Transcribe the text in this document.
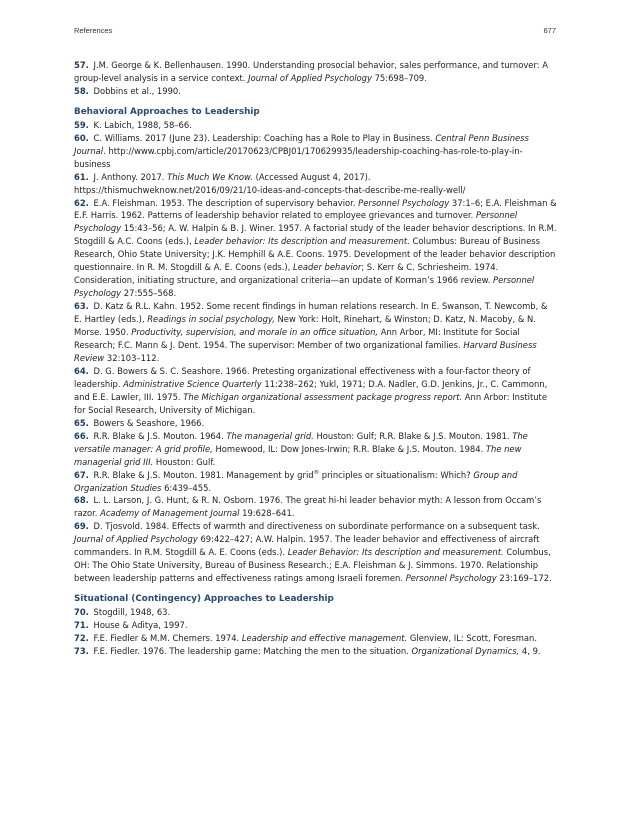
References	677

57. J.M. George & K. Bellenhausen. 1990. Understanding prosocial behavior, sales performance, and turnover: A group-level analysis in a service context. Journal of Applied Psychology 75:698–709.

58. Dobbins et al., 1990.

Behavioral Approaches to Leadership

59. K. Labich, 1988, 58–66.

60. C. Williams. 2017 (June 23). Leadership: Coaching has a Role to Play in Business. Central Penn Business Journal. http://www.cpbj.com/article/20170623/CPBJ01/170629935/leadership-coaching-has-role-to-play-in-business

61. J. Anthony. 2017. This Much We Know. (Accessed August 4, 2017). https://thismuchweknow.net/2016/09/21/10-ideas-and-concepts-that-describe-me-really-well/

62. E.A. Fleishman. 1953. The description of supervisory behavior. Personnel Psychology 37:1–6; E.A. Fleishman & E.F. Harris. 1962. Patterns of leadership behavior related to employee grievances and turnover. Personnel Psychology 15:43–56; A. W. Halpin & B. J. Winer. 1957. A factorial study of the leader behavior descriptions. In R.M. Stogdill & A.C. Coons (eds.), Leader behavior: Its description and measurement. Columbus: Bureau of Business Research, Ohio State University; J.K. Hemphill & A.E. Coons. 1975. Development of the leader behavior description questionnaire. In R. M. Stogdill & A. E. Coons (eds.), Leader behavior; S. Kerr & C. Schriesheim. 1974. Consideration, initiating structure, and organizational criteria—an update of Korman’s 1966 review. Personnel Psychology 27:555–568.

63. D. Katz & R.L. Kahn. 1952. Some recent findings in human relations research. In E. Swanson, T. Newcomb, & E. Hartley (eds.), Readings in social psychology, New York: Holt, Rinehart, & Winston; D. Katz, N. Macoby, & N. Morse. 1950. Productivity, supervision, and morale in an office situation, Ann Arbor, MI: Institute for Social Research; F.C. Mann & J. Dent. 1954. The supervisor: Member of two organizational families. Harvard Business Review 32:103–112.

64. D. G. Bowers & S. C. Seashore. 1966. Pretesting organizational effectiveness with a four-factor theory of leadership. Administrative Science Quarterly 11:238–262; Yukl, 1971; D.A. Nadler, G.D. Jenkins, Jr., C. Cammonn, and E.E. Lawler, III. 1975. The Michigan organizational assessment package progress report. Ann Arbor: Institute for Social Research, University of Michigan.

65. Bowers & Seashore, 1966.

66. R.R. Blake & J.S. Mouton. 1964. The managerial grid. Houston: Gulf; R.R. Blake & J.S. Mouton. 1981. The versatile manager: A grid profile, Homewood, IL: Dow Jones-Irwin; R.R. Blake & J.S. Mouton. 1984. The new managerial grid III. Houston: Gulf.

67. R.R. Blake & J.S. Mouton. 1981. Management by grid® principles or situationalism: Which? Group and Organization Studies 6:439–455.

68. L. L. Larson, J. G. Hunt, & R. N. Osborn. 1976. The great hi-hi leader behavior myth: A lesson from Occam’s razor. Academy of Management Journal 19:628–641.

69. D. Tjosvold. 1984. Effects of warmth and directiveness on subordinate performance on a subsequent task. Journal of Applied Psychology 69:422–427; A.W. Halpin. 1957. The leader behavior and effectiveness of aircraft commanders. In R.M. Stogdill & A. E. Coons (eds.). Leader Behavior: Its description and measurement. Columbus, OH: The Ohio State University, Bureau of Business Research.; E.A. Fleishman & J. Simmons. 1970. Relationship between leadership patterns and effectiveness ratings among Israeli foremen. Personnel Psychology 23:169–172.

Situational (Contingency) Approaches to Leadership

70. Stogdill, 1948, 63.

71. House & Aditya, 1997.

72. F.E. Fiedler & M.M. Chemers. 1974. Leadership and effective management. Glenview, IL: Scott, Foresman.

73. F.E. Fiedler. 1976. The leadership game: Matching the men to the situation. Organizational Dynamics, 4, 9.
